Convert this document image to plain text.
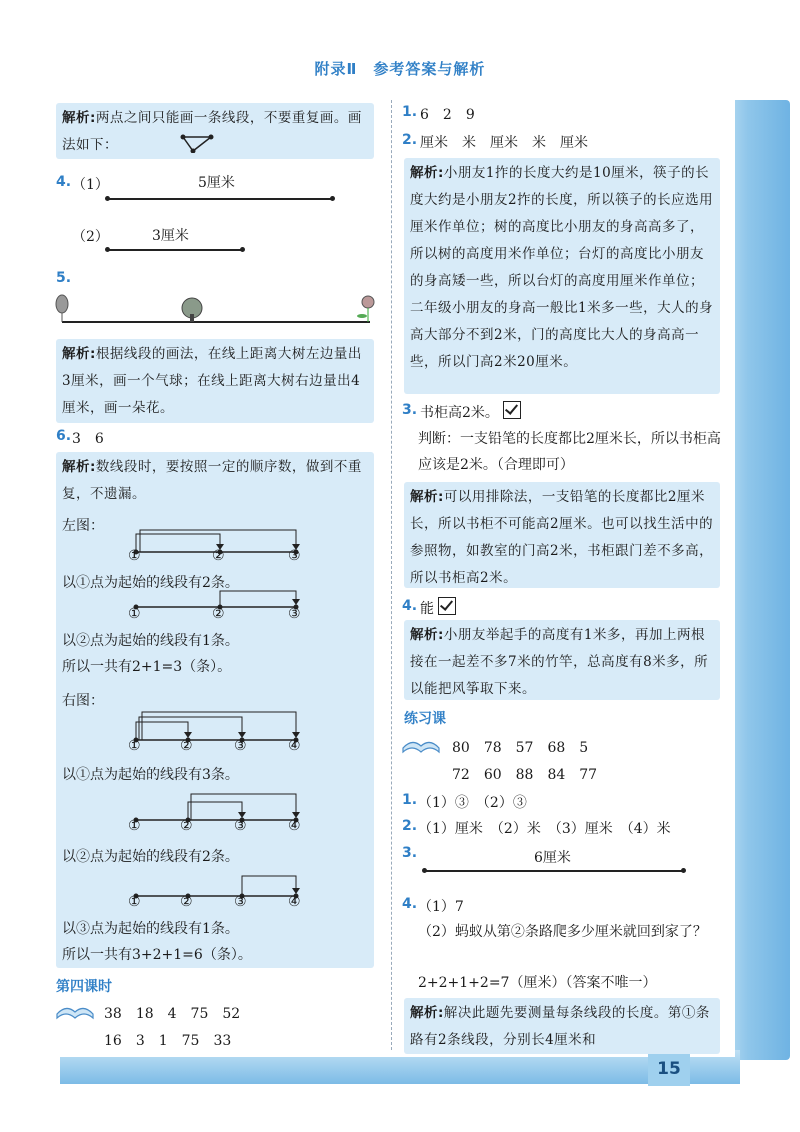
15
附录Ⅱ　参考答案与解析
解析:两点之间只能画一条线段，不要重复画。画法如下：
4. （1）	5厘米
（2）	3厘米
5.
解析:根据线段的画法，在线上距离大树左边量出3厘米，画一个气球；在线上距离大树右边量出4厘米，画一朵花。
6. 3　6
解析:数线段时，要按照一定的顺序数，做到不重复，不遗漏。
左图：
①	②	③
以①点为起始的线段有2条。
①	②	③
以②点为起始的线段有1条。
所以一共有2+1=3（条）。
右图：
①	②	③	④
以①点为起始的线段有3条。
①	②	③	④
以②点为起始的线段有2条。
①	②	③	④
以③点为起始的线段有1条。
所以一共有3+2+1=6（条）。
第四课时
38　18　4　75　52
16　3　1　75　33
1. 6　2　9
2. 厘米　米　厘米　米　厘米
解析:小朋友1拃的长度大约是10厘米，筷子的长度大约是小朋友2拃的长度，所以筷子的长应选用厘米作单位；树的高度比小朋友的身高高多了，所以树的高度用米作单位；台灯的高度比小朋友的身高矮一些，所以台灯的高度用厘米作单位；二年级小朋友的身高一般比1米多一些，大人的身高大部分不到2米，门的高度比大人的身高高一些，所以门高2米20厘米。
3. 书柜高2米。
判断：一支铅笔的长度都比2厘米长，所以书柜高应该是2米。（合理即可）
解析:可以用排除法，一支铅笔的长度都比2厘米长，所以书柜不可能高2厘米。也可以找生活中的参照物，如教室的门高2米，书柜跟门差不多高，所以书柜高2米。
4. 能
解析:小朋友举起手的高度有1米多，再加上两根接在一起差不多7米的竹竿，总高度有8米多，所以能把风筝取下来。
练习课
80　78　57　68　5
72　60　88　84　77
1. （1）③　（2）③
2. （1）厘米　（2）米　（3）厘米　（4）米
3.	6厘米
4. （1）7
（2）蚂蚁从第②条路爬多少厘米就回到家了？
2+2+1+2=7（厘米）（答案不唯一）
解析:解决此题先要测量每条线段的长度。第①条路有2条线段，分别长4厘米和
